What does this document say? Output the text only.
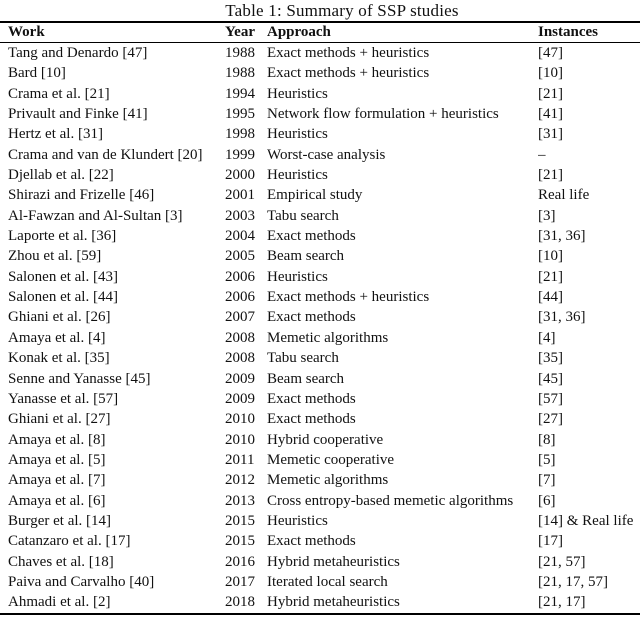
Table 1: Summary of SSP studies
Work	Year	Approach	Instances
Tang and Denardo [47]	1988	Exact methods + heuristics	[47]
Bard [10]	1988	Exact methods + heuristics	[10]
Crama et al. [21]	1994	Heuristics	[21]
Privault and Finke [41]	1995	Network flow formulation + heuristics	[41]
Hertz et al. [31]	1998	Heuristics	[31]
Crama and van de Klundert [20]	1999	Worst-case analysis	–
Djellab et al. [22]	2000	Heuristics	[21]
Shirazi and Frizelle [46]	2001	Empirical study	Real life
Al-Fawzan and Al-Sultan [3]	2003	Tabu search	[3]
Laporte et al. [36]	2004	Exact methods	[31, 36]
Zhou et al. [59]	2005	Beam search	[10]
Salonen et al. [43]	2006	Heuristics	[21]
Salonen et al. [44]	2006	Exact methods + heuristics	[44]
Ghiani et al. [26]	2007	Exact methods	[31, 36]
Amaya et al. [4]	2008	Memetic algorithms	[4]
Konak et al. [35]	2008	Tabu search	[35]
Senne and Yanasse [45]	2009	Beam search	[45]
Yanasse et al. [57]	2009	Exact methods	[57]
Ghiani et al. [27]	2010	Exact methods	[27]
Amaya et al. [8]	2010	Hybrid cooperative	[8]
Amaya et al. [5]	2011	Memetic cooperative	[5]
Amaya et al. [7]	2012	Memetic algorithms	[7]
Amaya et al. [6]	2013	Cross entropy-based memetic algorithms	[6]
Burger et al. [14]	2015	Heuristics	[14] & Real life
Catanzaro et al. [17]	2015	Exact methods	[17]
Chaves et al. [18]	2016	Hybrid metaheuristics	[21, 57]
Paiva and Carvalho [40]	2017	Iterated local search	[21, 17, 57]
Ahmadi et al. [2]	2018	Hybrid metaheuristics	[21, 17]
